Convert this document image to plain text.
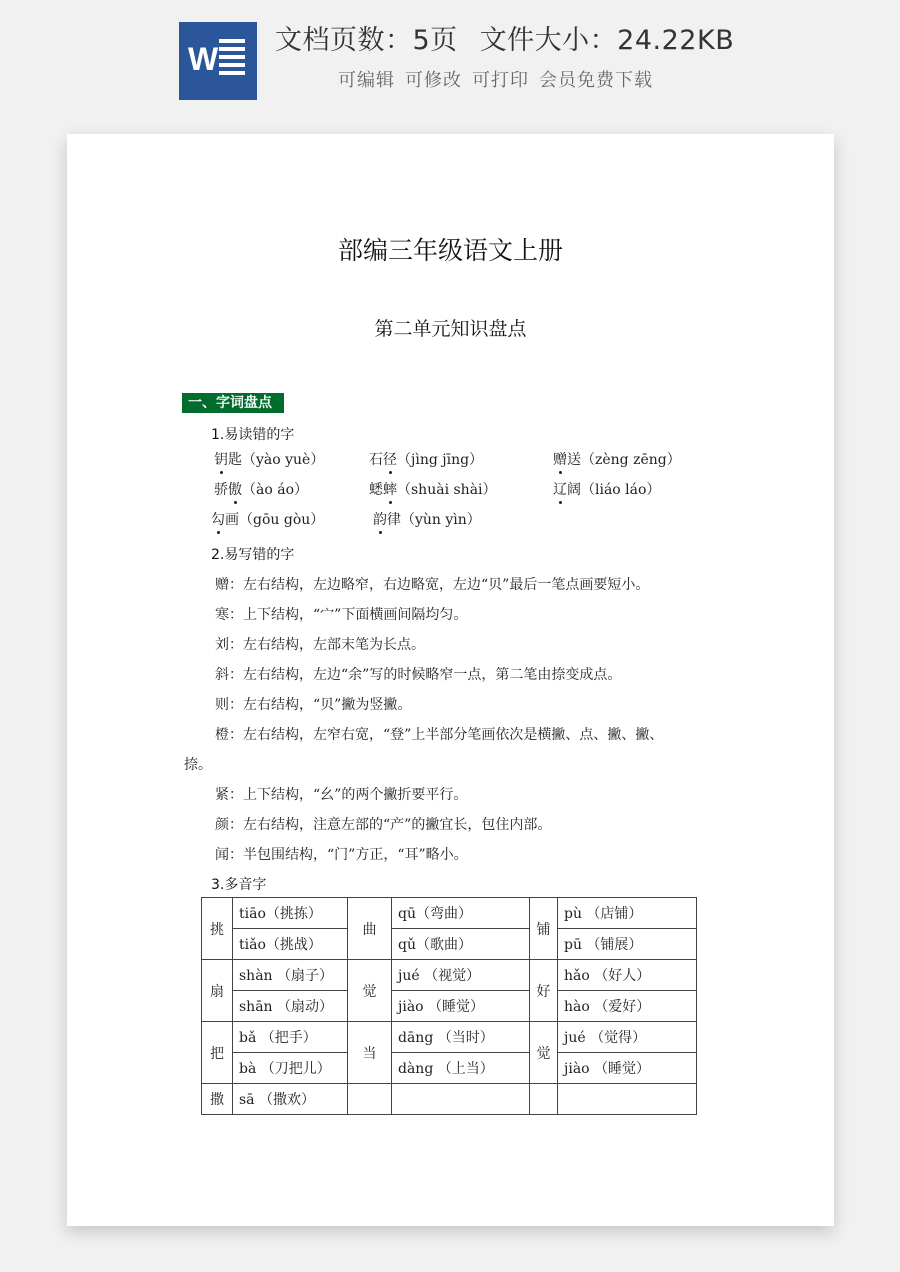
W
文档页数：5页 文件大小：24.22KB
可编辑 可修改 可打印 会员免费下载
部编三年级语文上册
第二单元知识盘点
一、字词盘点
1.易读错的字
钥匙（yào yuè）	石径（jìng jīng）	赠送（zèng zēng）
骄傲（ào áo）	蟋蟀（shuài shài）	辽阔（liáo láo）
勾画（gōu gòu）	韵律（yùn yìn）
2.易写错的字
赠：左右结构，左边略窄，右边略宽，左边“贝”最后一笔点画要短小。
寒：上下结构，“宀”下面横画间隔均匀。
刘：左右结构，左部末笔为长点。
斜：左右结构，左边“余”写的时候略窄一点，第二笔由捺变成点。
则：左右结构，“贝”撇为竖撇。
橙：左右结构，左窄右宽，“登”上半部分笔画依次是横撇、点、撇、撇、
捺。
紧：上下结构，“幺”的两个撇折要平行。
颜：左右结构，注意左部的“产”的撇宜长，包住内部。
闻：半包围结构，“门”方正，“耳”略小。
3.多音字
挑	tiāo（挑拣）	曲	qū（弯曲）	铺	pù （店铺）
	tiǎo（挑战）		qǔ（歌曲）		pū （铺展）
扇	shàn （扇子）	觉	jué （视觉）	好	hǎo （好人）
	shān （扇动）		jiào （睡觉）		hào （爱好）
把	bǎ （把手）	当	dāng （当时）	觉	jué （觉得）
	bà （刀把儿）		dàng （上当）		jiào （睡觉）
撒	sā （撒欢）				
